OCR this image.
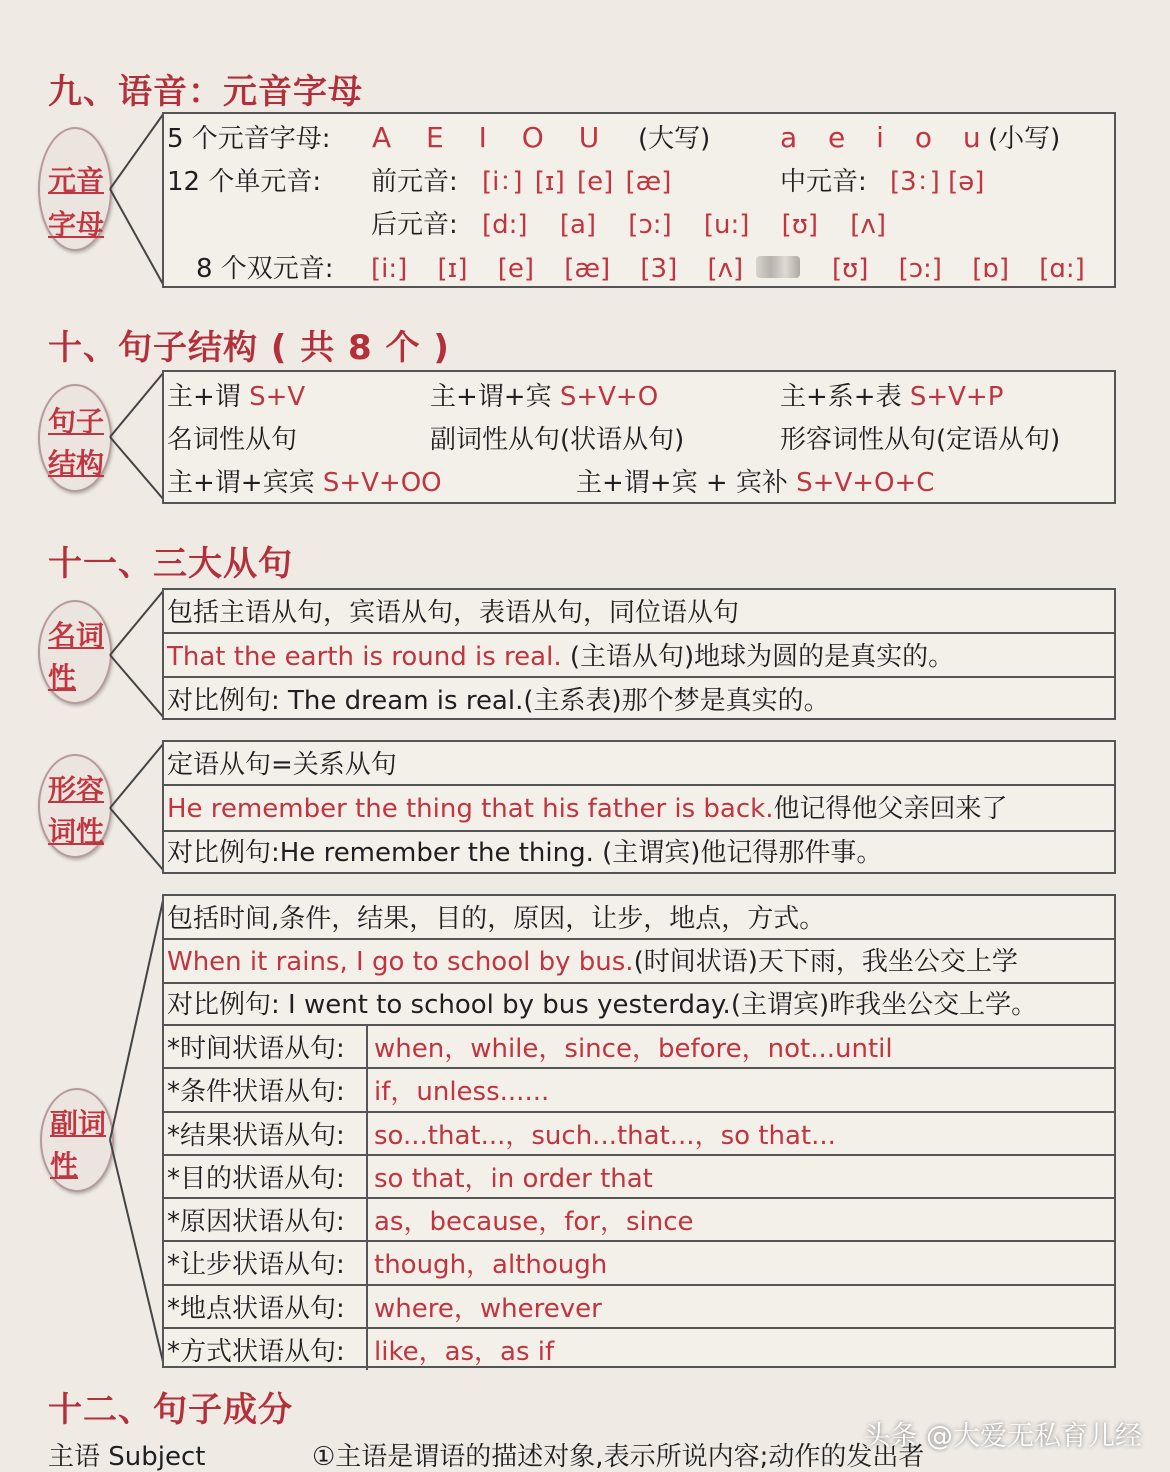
九、语音：元音字母
元音
字母
5 个元音字母: A E I O U (大写) a e i o u (小写)
12 个单元音: 前元音: [i：] [ɪ] [e] [æ]	中元音: [3：] [ə]
后元音: [d:] [a] [ɔ:] [u:] [ʊ] [ʌ]
8 个双元音: [i:] [ɪ] [e] [æ] [3] [ʌ]	[ʊ] [ɔ:] [ɒ] [ɑ:]
十、句子结构 ( 共 8 个 )
句子
结构
主+谓 S+V	主+谓+宾 S+V+O	主+系+表 S+V+P
名词性从句	副词性从句(状语从句)	形容词性从句(定语从句)
主+谓+宾宾 S+V+OO	主+谓+宾 + 宾补 S+V+O+C
十一、三大从句
名词
性
包括主语从句，宾语从句，表语从句，同位语从句
That the earth is round is real. (主语从句)地球为圆的是真实的。
对比例句: The dream is real.(主系表)那个梦是真实的。
形容
词性
定语从句=关系从句
He remember the thing that his father is back.他记得他父亲回来了
对比例句:He remember the thing. (主谓宾)他记得那件事。
副词
性
包括时间,条件，结果，目的，原因，让步，地点，方式。
When it rains, I go to school by bus.(时间状语)天下雨，我坐公交上学
对比例句: I went to school by bus yesterday.(主谓宾)昨我坐公交上学。
*时间状语从句: when，while，since，before，not...until
*条件状语从句: if，unless......
*结果状语从句: so...that...，such...that...，so that...
*目的状语从句: so that，in order that
*原因状语从句: as，because，for，since
*让步状语从句: though，although
*地点状语从句: where，wherever
*方式状语从句: like，as，as if
十二、句子成分
主语 Subject	①主语是谓语的描述对象,表示所说内容;动作的发出者
头条 @大爱无私育儿经
